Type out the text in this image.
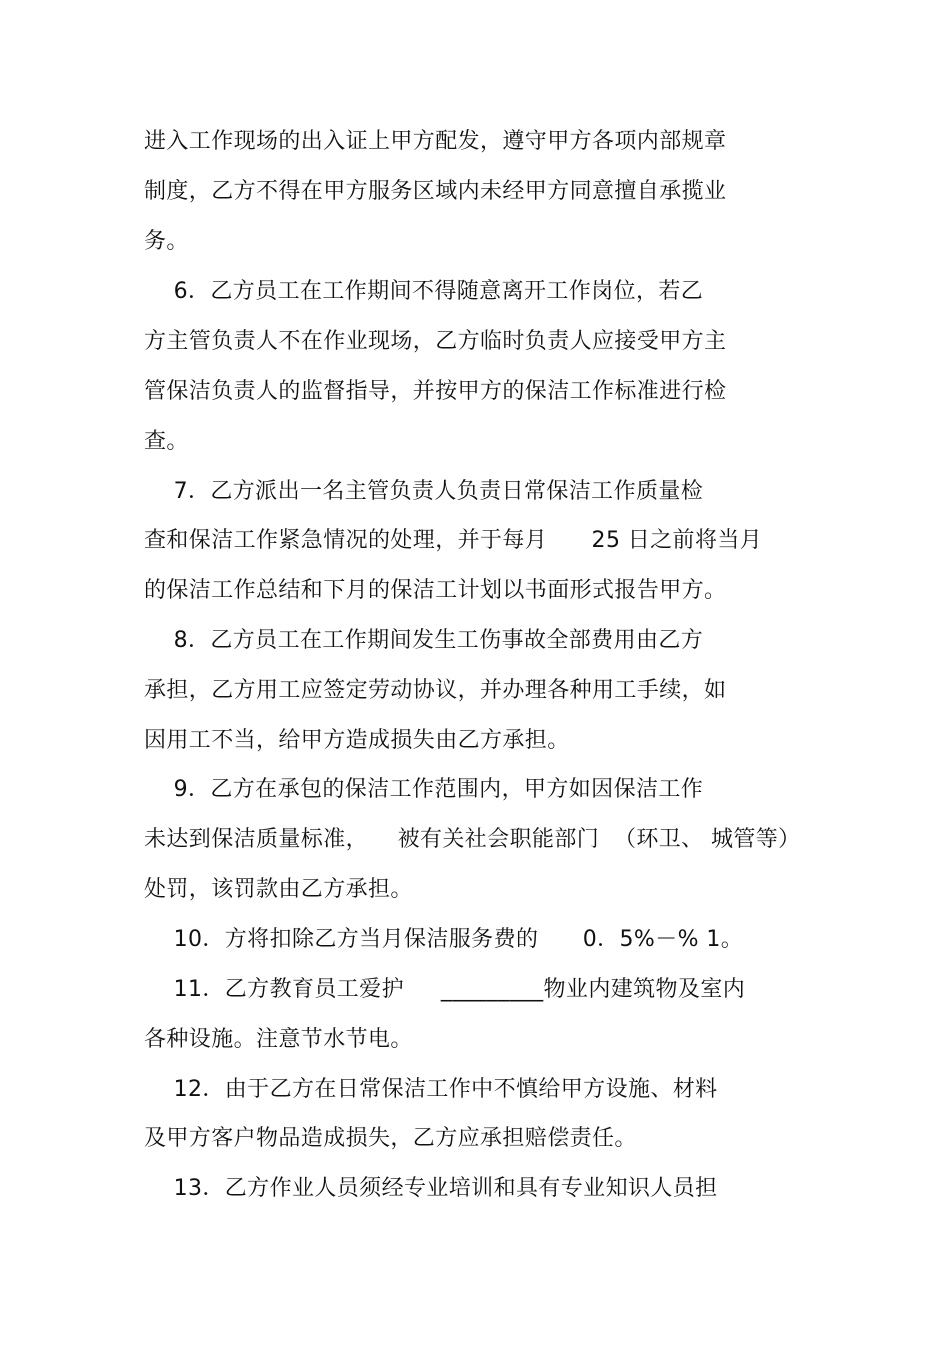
进入工作现场的出入证上甲方配发，遵守甲方各项内部规章
制度，乙方不得在甲方服务区域内未经甲方同意擅自承揽业
务。
6．乙方员工在工作期间不得随意离开工作岗位，若乙
方主管负责人不在作业现场，乙方临时负责人应接受甲方主
管保洁负责人的监督指导，并按甲方的保洁工作标准进行检
查。
7．乙方派出一名主管负责人负责日常保洁工作质量检
查和保洁工作紧急情况的处理，并于每月      25 日之前将当月
的保洁工作总结和下月的保洁工计划以书面形式报告甲方。
8．乙方员工在工作期间发生工伤事故全部费用由乙方
承担，乙方用工应签定劳动协议，并办理各种用工手续，如
因用工不当，给甲方造成损失由乙方承担。
9．乙方在承包的保洁工作范围内，甲方如因保洁工作
未达到保洁质量标准，    被有关社会职能部门  （环卫、 城管等）
处罚，该罚款由乙方承担。
10．方将扣除乙方当月保洁服务费的      0．5%－% 1。
11．乙方教育员工爱护     _________物业内建筑物及室内
各种设施。注意节水节电。
12．由于乙方在日常保洁工作中不慎给甲方设施、材料
及甲方客户物品造成损失，乙方应承担赔偿责任。
13．乙方作业人员须经专业培训和具有专业知识人员担
